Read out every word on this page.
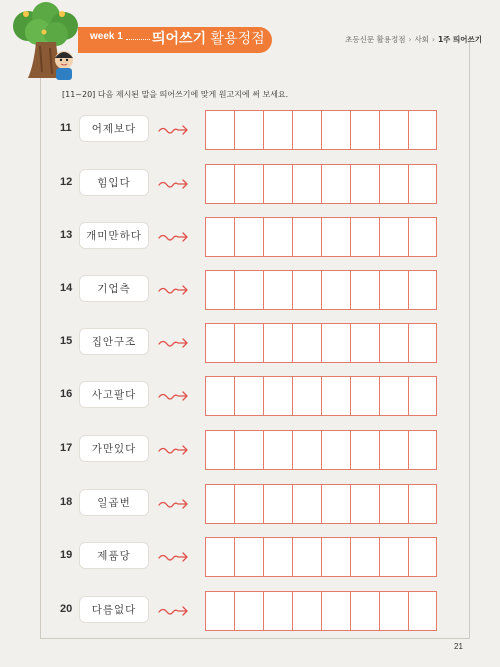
week 1 띄어쓰기 활용정점	초등신문 활용정점 › 사회 › 1주 띄어쓰기
[11~20] 다음 제시된 말을 띄어쓰기에 맞게 원고지에 써 보세요.
11	어제보다
12	힘입다
13	개미만하다
14	기업측
15	집안구조
16	사고팔다
17	가만있다
18	일곱번
19	제품당
20	다름없다
21
